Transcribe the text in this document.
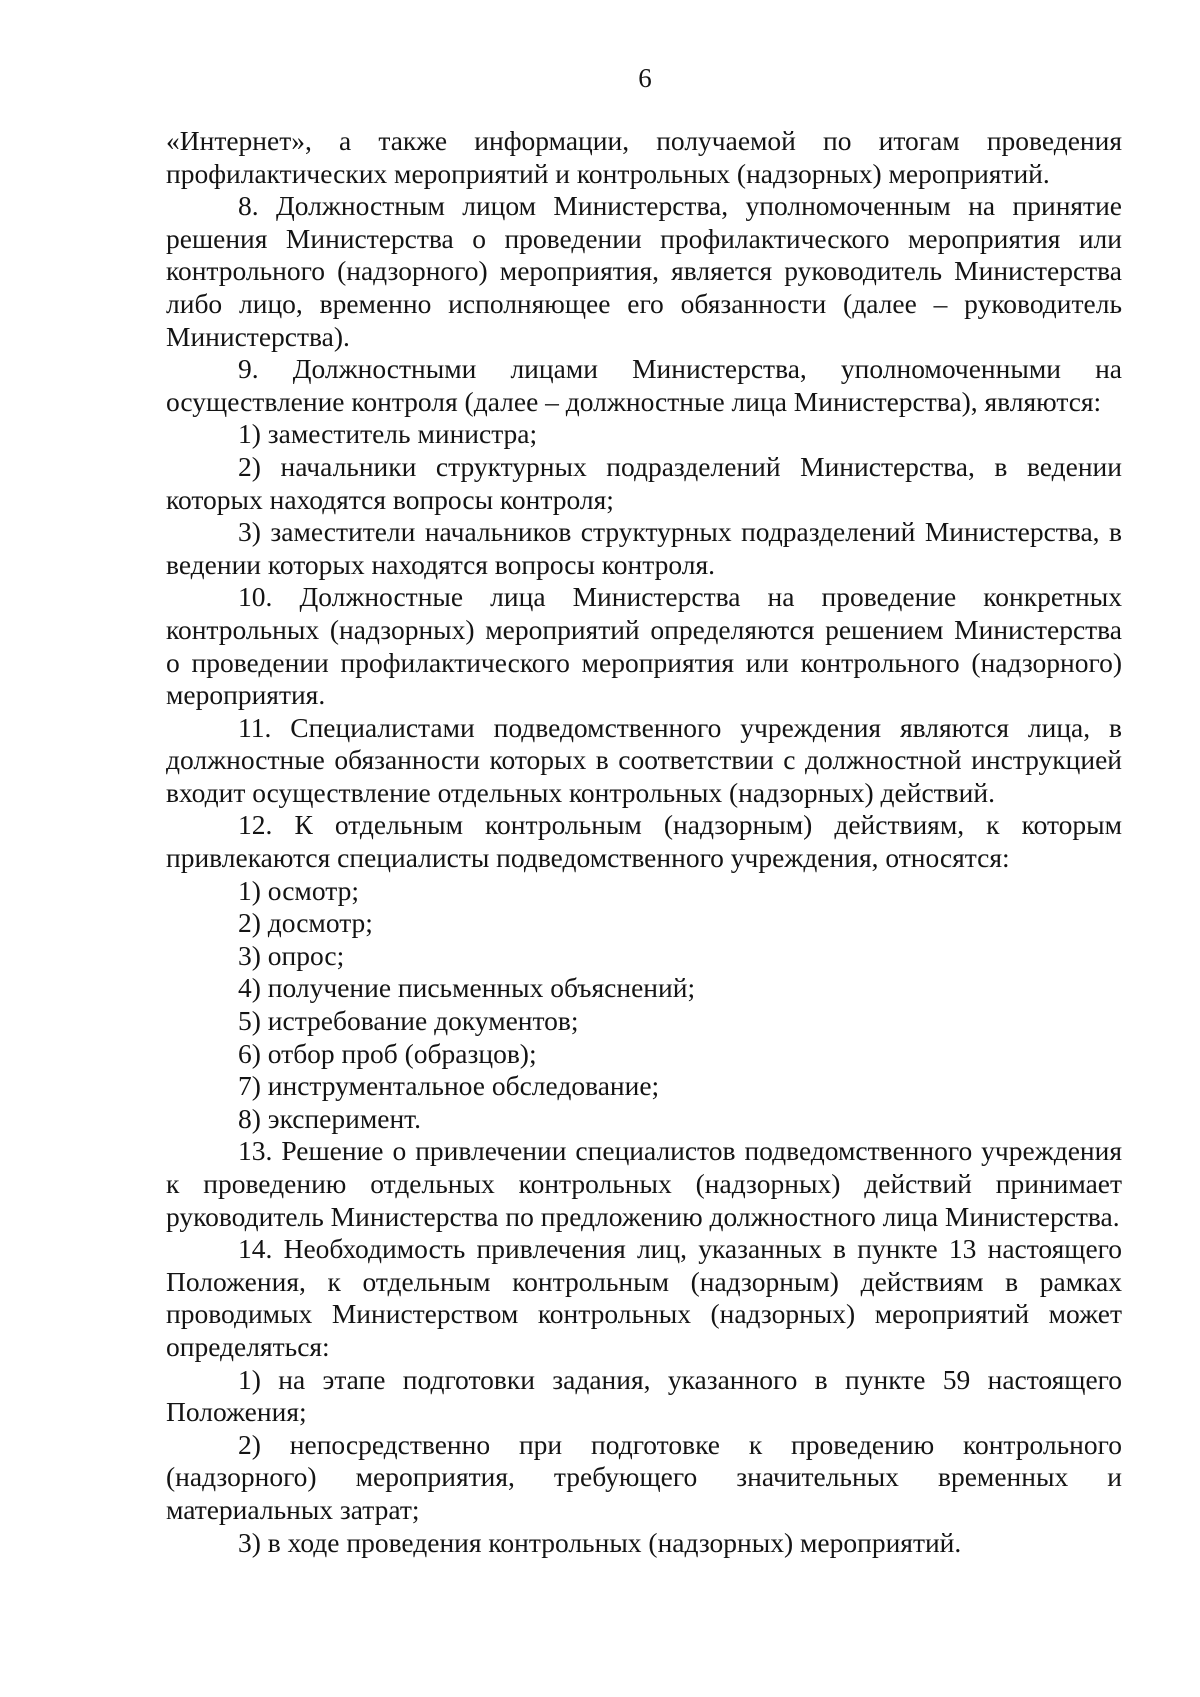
6

«Интернет», а также информации, получаемой по итогам проведения профилактических мероприятий и контрольных (надзорных) мероприятий.

8. Должностным лицом Министерства, уполномоченным на принятие решения Министерства о проведении профилактического мероприятия или контрольного (надзорного) мероприятия, является руководитель Министерства либо лицо, временно исполняющее его обязанности (далее – руководитель Министерства).

9. Должностными лицами Министерства, уполномоченными на осуществление контроля (далее – должностные лица Министерства), являются:

1) заместитель министра;

2) начальники структурных подразделений Министерства, в ведении которых находятся вопросы контроля;

3) заместители начальников структурных подразделений Министерства, в ведении которых находятся вопросы контроля.

10. Должностные лица Министерства на проведение конкретных контрольных (надзорных) мероприятий определяются решением Министерства о проведении профилактического мероприятия или контрольного (надзорного) мероприятия.

11. Специалистами подведомственного учреждения являются лица, в должностные обязанности которых в соответствии с должностной инструкцией входит осуществление отдельных контрольных (надзорных) действий.

12. К отдельным контрольным (надзорным) действиям, к которым привлекаются специалисты подведомственного учреждения, относятся:

1) осмотр;

2) досмотр;

3) опрос;

4) получение письменных объяснений;

5) истребование документов;

6) отбор проб (образцов);

7) инструментальное обследование;

8) эксперимент.

13. Решение о привлечении специалистов подведомственного учреждения к проведению отдельных контрольных (надзорных) действий принимает руководитель Министерства по предложению должностного лица Министерства.

14. Необходимость привлечения лиц, указанных в пункте 13 настоящего Положения, к отдельным контрольным (надзорным) действиям в рамках проводимых Министерством контрольных (надзорных) мероприятий может определяться:

1) на этапе подготовки задания, указанного в пункте 59 настоящего Положения;

2) непосредственно при подготовке к проведению контрольного (надзорного) мероприятия, требующего значительных временных и материальных затрат;

3) в ходе проведения контрольных (надзорных) мероприятий.
